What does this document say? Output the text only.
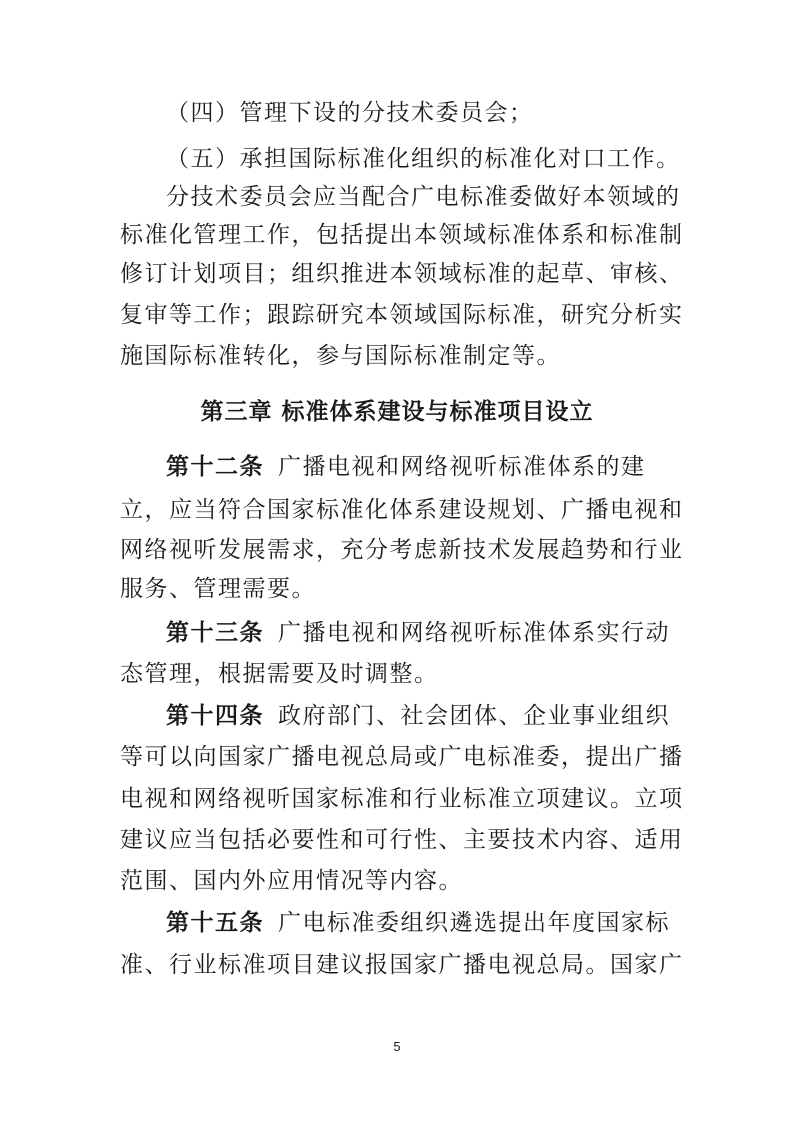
（四）管理下设的分技术委员会；
（五）承担国际标准化组织的标准化对口工作。
分技术委员会应当配合广电标准委做好本领域的
标准化管理工作，包括提出本领域标准体系和标准制
修订计划项目；组织推进本领域标准的起草、审核、
复审等工作；跟踪研究本领域国际标准，研究分析实
施国际标准转化，参与国际标准制定等。
第三章 标准体系建设与标准项目设立
第十二条 广播电视和网络视听标准体系的建
立，应当符合国家标准化体系建设规划、广播电视和
网络视听发展需求，充分考虑新技术发展趋势和行业
服务、管理需要。
第十三条 广播电视和网络视听标准体系实行动
态管理，根据需要及时调整。
第十四条 政府部门、社会团体、企业事业组织
等可以向国家广播电视总局或广电标准委，提出广播
电视和网络视听国家标准和行业标准立项建议。立项
建议应当包括必要性和可行性、主要技术内容、适用
范围、国内外应用情况等内容。
第十五条 广电标准委组织遴选提出年度国家标
准、行业标准项目建议报国家广播电视总局。国家广
5
